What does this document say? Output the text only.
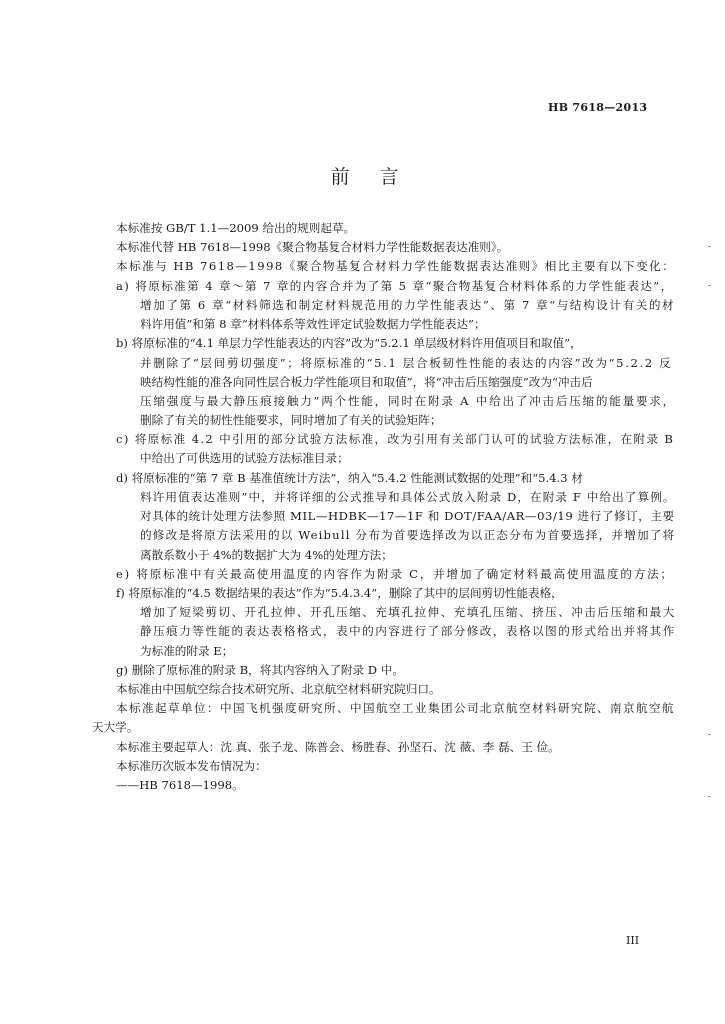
HB 7618—2013
前言
本标准按 GB/T 1.1—2009 给出的规则起草。
本标准代替 HB 7618—1998《聚合物基复合材料力学性能数据表达准则》。
本标准与 HB 7618—1998《聚合物基复合材料力学性能数据表达准则》相比主要有以下变化：
a) 将原标准第 4 章～第 7 章的内容合并为了第 5 章“聚合物基复合材料体系的力学性能表达”，
增加了第 6 章“材料筛选和制定材料规范用的力学性能表达”、第 7 章“与结构设计有关的材
料许用值”和第 8 章“材料体系等效性评定试验数据力学性能表达”；
b) 将原标准的“4.1 单层力学性能表达的内容”改为“5.2.1 单层级材料许用值项目和取值”，
并删除了“层间剪切强度”；将原标准的“5.1 层合板韧性性能的表达的内容”改为“5.2.2 反
映结构性能的准各向同性层合板力学性能项目和取值”，将“冲击后压缩强度”改为“冲击后
压缩强度与最大静压痕接触力”两个性能，同时在附录 A 中给出了冲击后压缩的能量要求，
删除了有关的韧性性能要求，同时增加了有关的试验矩阵；
c) 将原标准 4.2 中引用的部分试验方法标准，改为引用有关部门认可的试验方法标准，在附录 B
中给出了可供选用的试验方法标准目录；
d) 将原标准的“第 7 章 B 基准值统计方法”，纳入“5.4.2 性能测试数据的处理”和“5.4.3 材
料许用值表达准则”中，并将详细的公式推导和具体公式放入附录 D，在附录 F 中给出了算例。
对具体的统计处理方法参照 MIL—HDBK—17—1F 和 DOT/FAA/AR—03/19 进行了修订，主要
的修改是将原方法采用的以 Weibull 分布为首要选择改为以正态分布为首要选择，并增加了将
离散系数小于 4%的数据扩大为 4%的处理方法；
e) 将原标准中有关最高使用温度的内容作为附录 C，并增加了确定材料最高使用温度的方法；
f) 将原标准的“4.5 数据结果的表达”作为“5.4.3.4”，删除了其中的层间剪切性能表格，
增加了短梁剪切、开孔拉伸、开孔压缩、充填孔拉伸、充填孔压缩、挤压、冲击后压缩和最大
静压痕力等性能的表达表格格式，表中的内容进行了部分修改，表格以图的形式给出并将其作
为标准的附录 E；
g) 删除了原标准的附录 B，将其内容纳入了附录 D 中。
本标准由中国航空综合技术研究所、北京航空材料研究院归口。
本标准起草单位：中国飞机强度研究所、中国航空工业集团公司北京航空材料研究院、南京航空航
天大学。
本标准主要起草人：沈 真、张子龙、陈普会、杨胜春、孙坚石、沈 薇、李 磊、王 俭。
本标准历次版本发布情况为：
——HB 7618—1998。
III
